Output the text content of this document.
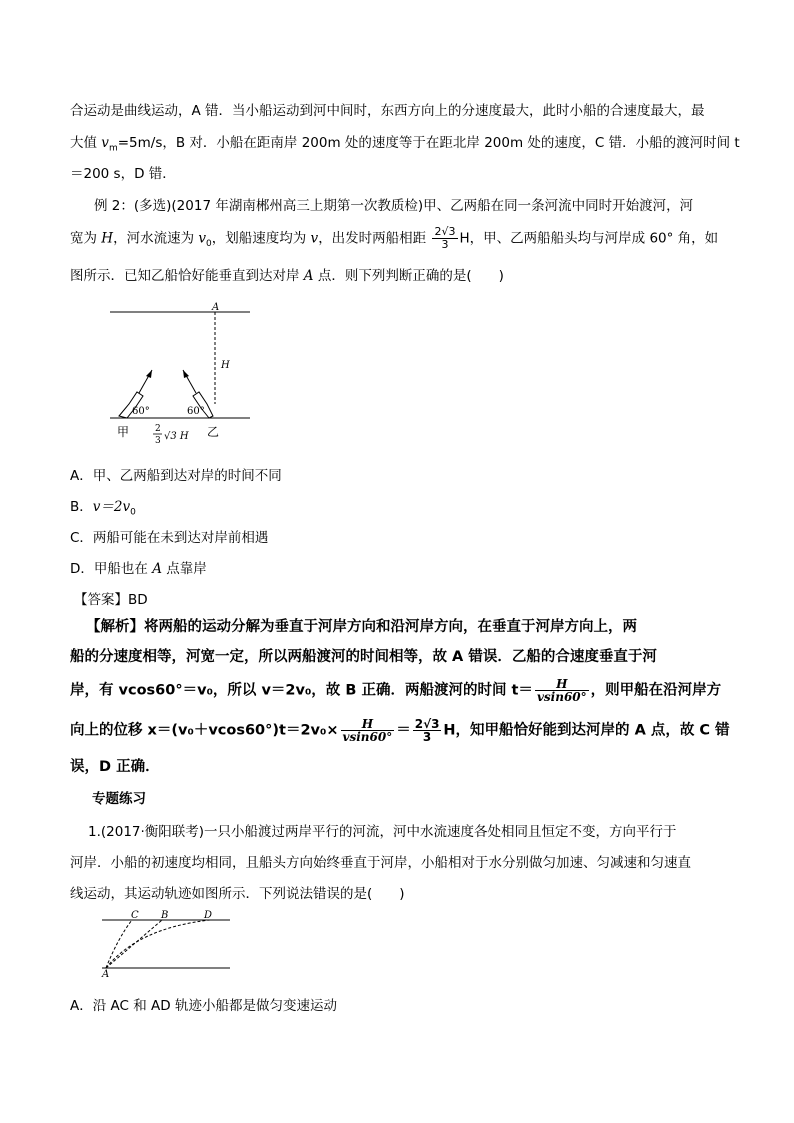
合运动是曲线运动，A 错．当小船运动到河中间时，东西方向上的分速度最大，此时小船的合速度最大，最
大值 $v_m=5m/s$，B 对．小船在距南岸 200m 处的速度等于在距北岸 200m 处的速度，C 错．小船的渡河时间 t
＝200 s，D 错．
例 2：(多选)(2017 年湖南郴州高三上期第一次教质检)甲、乙两船在同一条河流中同时开始渡河，河
宽为 H，河水流速为 $v_0$，划船速度均为 v，出发时两船相距 $\frac{2√3}{3}$ H，甲、乙两船船头均与河岸成 60° 角，如
图所示．已知乙船恰好能垂直到达对岸 A 点．则下列判断正确的是(　　)
A
H
60°	60°
甲	乙
2
3 √3 H
A．甲、乙两船到达对岸的时间不同
B．$v=2v_0$
C．两船可能在未到达对岸前相遇
D．甲船也在 A 点靠岸
【答案】BD
【解析】将两船的运动分解为垂直于河岸方向和沿河岸方向，在垂直于河岸方向上，两
船的分速度相等，河宽一定，所以两船渡河的时间相等，故 A 错误．乙船的合速度垂直于河
岸，有 vcos60°＝v₀，所以 v＝2v₀，故 B 正确．两船渡河的时间 $t= \frac{H}{vsin60^\circ}$ ，则甲船在沿河岸方
向上的位移 $x=(v_0+vcos60^\circ)t=2v_0\times \frac{H}{vsin60^\circ} = \frac{2√3}{3}$ H，知甲船恰好能到达河岸的 A 点，故 C 错
误，D 正确．
专题练习
1.(2017·衡阳联考)一只小船渡过两岸平行的河流，河中水流速度各处相同且恒定不变，方向平行于
河岸．小船的初速度均相同，且船头方向始终垂直于河岸，小船相对于水分别做匀加速、匀减速和匀速直
线运动，其运动轨迹如图所示．下列说法错误的是(　　)
A
C B	D
A．沿 AC 和 AD 轨迹小船都是做匀变速运动
